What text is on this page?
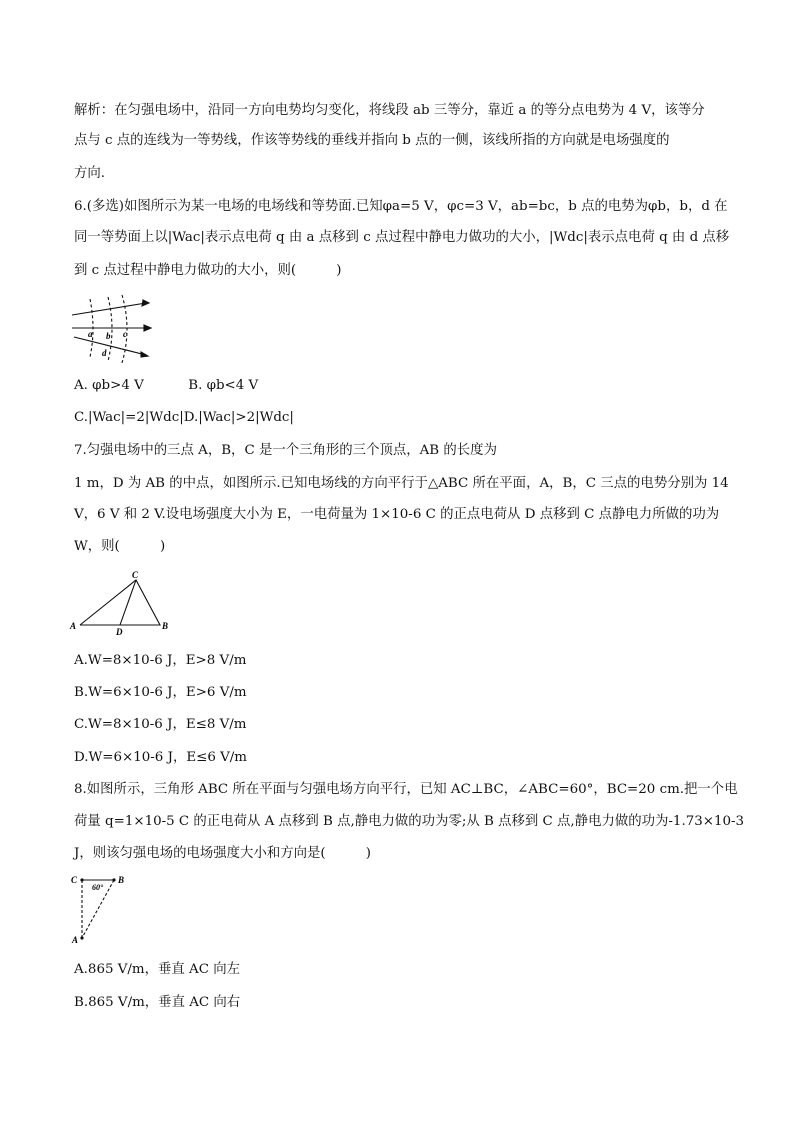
解析：在匀强电场中，沿同一方向电势均匀变化，将线段 ab 三等分，靠近 a 的等分点电势为 4 V，该等分
点与 c 点的连线为一等势线，作该等势线的垂线并指向 b 点的一侧，该线所指的方向就是电场强度的
方向.
6.(多选)如图所示为某一电场的电场线和等势面.已知φa=5 V，φc=3 V，ab=bc，b 点的电势为φb，b，d 在
同一等势面上以|Wac|表示点电荷 q 由 a 点移到 c 点过程中静电力做功的大小，|Wdc|表示点电荷 q 由 d 点移
到 c 点过程中静电力做功的大小，则(　　　)
a b c
d
A. φb>4 V　　　 B. φb<4 V
C.|Wac|=2|Wdc|D.|Wac|>2|Wdc|
7.匀强电场中的三点 A，B，C 是一个三角形的三个顶点，AB 的长度为
1 m，D 为 AB 的中点，如图所示.已知电场线的方向平行于△ABC 所在平面，A，B，C 三点的电势分别为 14
V，6 V 和 2 V.设电场强度大小为 E，一电荷量为 1×10-6 C 的正点电荷从 D 点移到 C 点静电力所做的功为
W，则(　　　)
C
A	B
D
A.W=8×10-6 J，E>8 V/m
B.W=6×10-6 J，E>6 V/m
C.W=8×10-6 J，E≤8 V/m
D.W=6×10-6 J，E≤6 V/m
8.如图所示，三角形 ABC 所在平面与匀强电场方向平行，已知 AC⊥BC，∠ABC=60°，BC=20 cm.把一个电
荷量 q=1×10-5 C 的正电荷从 A 点移到 B 点,静电力做的功为零;从 B 点移到 C 点,静电力做的功为-1.73×10-3
J，则该匀强电场的电场强度大小和方向是(　　　)
C	B
A
60°
A.865 V/m，垂直 AC 向左
B.865 V/m，垂直 AC 向右
